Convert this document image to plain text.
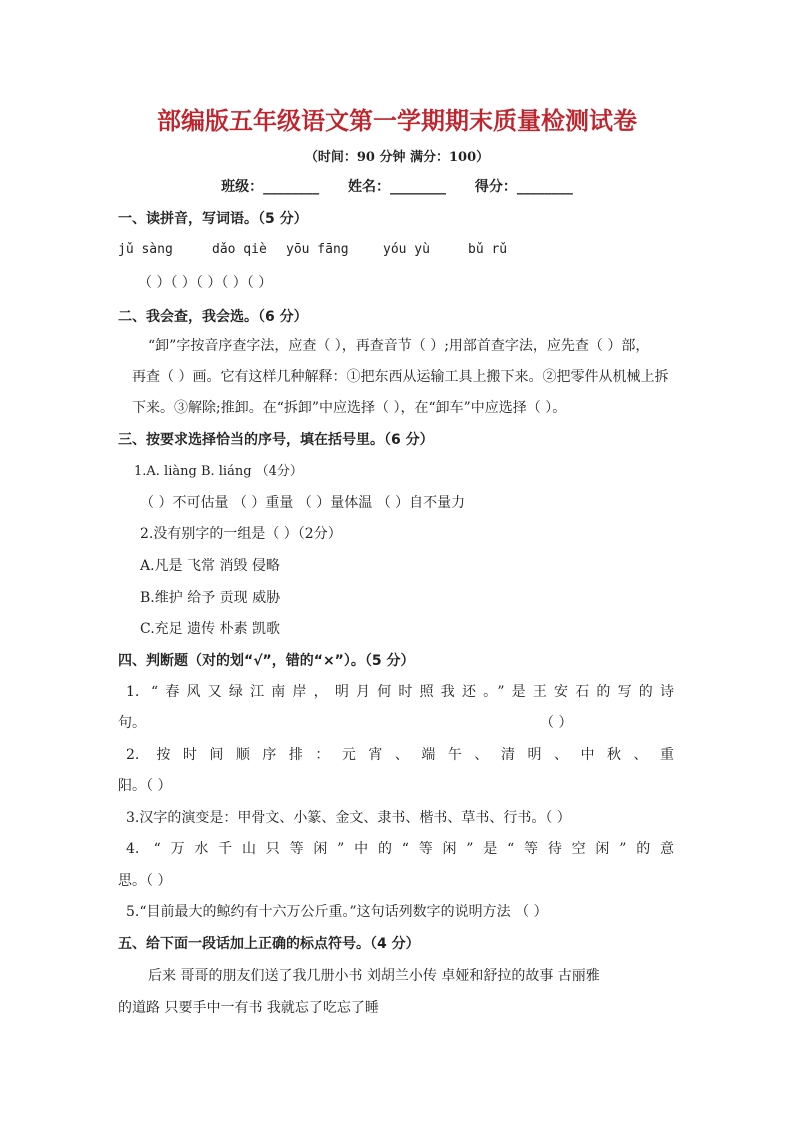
部编版五年级语文第一学期期末质量检测试卷
（时间：90 分钟 满分：100）
班级：________ 姓名：________ 得分：________
一、读拼音，写词语。（5 分）
jǔ sàng	dǎo qiè yōu fāng	yóu yù	bǔ rǔ
（ ）（ ）（ ）（ ）（ ）
二、我会查，我会选。（6 分）
“卸”字按音序查字法，应查（ ），再查音节（ ）;用部首查字法，应先查（ ）部，
再查（ ）画。它有这样几种解释：①把东西从运输工具上搬下来。②把零件从机械上拆
下来。③解除;推卸。在“拆卸”中应选择（ ），在“卸车”中应选择（ ）。
三、按要求选择恰当的序号，填在括号里。（6 分）
1.A. liàng B. liáng （4分）
（ ）不可估量 （ ）重量 （ ）量体温 （ ）自不量力
2.没有别字的一组是（ ）（2分）
A.凡是 飞常 消毁 侵略
B.维护 给予 贡现 威胁
C.充足 遗传 朴素 凯歌
四、判断题（对的划“√”，错的“×”）。（5 分）
1. “春风又绿江南岸，明月何时照我还。”是王安石的写的诗
句。	（ ）
2. 按时间顺序排：元宵、端午、清明、中秋、重
阳。（ ）
3.汉字的演变是：甲骨文、小篆、金文、隶书、楷书、草书、行书。（ ）
4. “万水千山只等闲”中的“等闲”是“等待空闲”的意
思。（ ）
5.“目前最大的鲸约有十六万公斤重。”这句话列数字的说明方法 （ ）
五、给下面一段话加上正确的标点符号。（4 分）
后来 哥哥的朋友们送了我几册小书 刘胡兰小传 卓娅和舒拉的故事 古丽雅
的道路 只要手中一有书 我就忘了吃忘了睡
